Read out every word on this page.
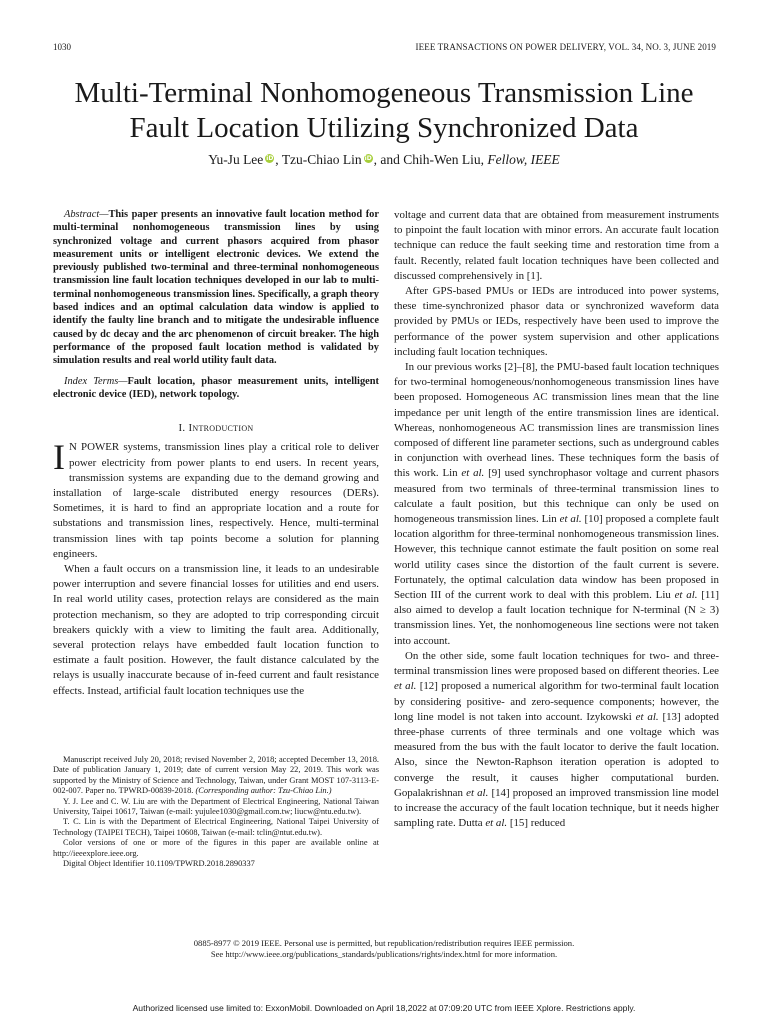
1030	IEEE TRANSACTIONS ON POWER DELIVERY, VOL. 34, NO. 3, JUNE 2019
Multi-Terminal Nonhomogeneous Transmission Line
Fault Location Utilizing Synchronized Data
Yu-Ju Lee iD , Tzu-Chiao Lin iD , and Chih-Wen Liu, Fellow, IEEE

Abstract—This paper presents an innovative fault location method for multi-terminal nonhomogeneous transmission lines by using synchronized voltage and current phasors acquired from phasor measurement units or intelligent electronic devices. We extend the previously published two-terminal and three-terminal nonhomogeneous transmission line fault location techniques developed in our lab to multi-terminal nonhomogeneous transmission lines. Specifically, a graph theory based indices and an optimal calculation data window is applied to identify the faulty line branch and to mitigate the undesirable influence caused by dc decay and the arc phenomenon of circuit breaker. The high performance of the proposed fault location method is validated by simulation results and real world utility fault data.

Index Terms—Fault location, phasor measurement units, intelligent electronic device (IED), network topology.

I. Introduction

I N POWER systems, transmission lines play a critical role to deliver power electricity from power plants to end users. In recent years, transmission systems are expanding due to the demand growing and installation of large-scale distributed energy resources (DERs). Sometimes, it is hard to find an appropriate location and a route for substations and transmission lines, respectively. Hence, multi-terminal transmission lines with tap points become a solution for planning engineers.

When a fault occurs on a transmission line, it leads to an undesirable power interruption and severe financial losses for utilities and end users. In real world utility cases, protection relays are considered as the main protection mechanism, so they are adopted to trip corresponding circuit breakers quickly with a view to limiting the fault area. Additionally, several protection relays have embedded fault location function to estimate a fault position. However, the fault distance calculated by the relays is usually inaccurate because of in-feed current and fault resistance effects. Instead, artificial fault location techniques use the

Manuscript received July 20, 2018; revised November 2, 2018; accepted December 13, 2018. Date of publication January 1, 2019; date of current version May 22, 2019. This work was supported by the Ministry of Science and Technology, Taiwan, under Grant MOST 107-3113-E-002-007. Paper no. TPWRD-00839-2018. (Corresponding author: Tzu-Chiao Lin.)

Y. J. Lee and C. W. Liu are with the Department of Electrical Engineering, National Taiwan University, Taipei 10617, Taiwan (e-mail: yujulee1030@gmail.com.tw; liucw@ntu.edu.tw).

T. C. Lin is with the Department of Electrical Engineering, National Taipei University of Technology (TAIPEI TECH), Taipei 10608, Taiwan (e-mail: tclin@ntut.edu.tw).

Color versions of one or more of the figures in this paper are available online at http://ieeexplore.ieee.org.

Digital Object Identifier 10.1109/TPWRD.2018.2890337

voltage and current data that are obtained from measurement instruments to pinpoint the fault location with minor errors. An accurate fault location technique can reduce the fault seeking time and restoration time from a fault. Recently, related fault location techniques have been collected and discussed comprehensively in [1].

After GPS-based PMUs or IEDs are introduced into power systems, these time-synchronized phasor data or synchronized waveform data provided by PMUs or IEDs, respectively have been used to improve the performance of the power system supervision and other applications including fault location techniques.

In our previous works [2]–[8], the PMU-based fault location techniques for two-terminal homogeneous/nonhomogeneous transmission lines have been proposed. Homogeneous AC transmission lines mean that the line impedance per unit length of the entire transmission lines are identical. Whereas, nonhomogeneous AC transmission lines are transmission lines composed of different line parameter sections, such as underground cables in conjunction with overhead lines. These techniques form the basis of this work. Lin et al. [9] used synchrophasor voltage and current phasors measured from two terminals of three-terminal transmission lines to calculate a fault position, but this technique can only be used on homogeneous transmission lines. Lin et al. [10] proposed a complete fault location algorithm for three-terminal nonhomogeneous transmission lines. However, this technique cannot estimate the fault position on some real world utility cases since the distortion of the fault current is severe. Fortunately, the optimal calculation data window has been proposed in Section III of the current work to deal with this problem. Liu et al. [11] also aimed to develop a fault location technique for N-terminal (N ≥ 3) transmission lines. Yet, the nonhomogeneous line sections were not taken into account.

On the other side, some fault location techniques for two- and three-terminal transmission lines were proposed based on different theories. Lee et al. [12] proposed a numerical algorithm for two-terminal fault location by considering positive- and zero-sequence components; however, the long line model is not taken into account. Izykowski et al. [13] adopted three-phase currents of three terminals and one voltage which was measured from the bus with the fault locator to derive the fault location. Also, since the Newton-Raphson iteration operation is adopted to converge the result, it causes higher computational burden. Gopalakrishnan et al. [14] proposed an improved transmission line model to increase the accuracy of the fault location technique, but it needs higher sampling rate. Dutta et al. [15] reduced

0885-8977 © 2019 IEEE. Personal use is permitted, but republication/redistribution requires IEEE permission.
See http://www.ieee.org/publications_standards/publications/rights/index.html for more information.
Authorized licensed use limited to: ExxonMobil. Downloaded on April 18,2022 at 07:09:20 UTC from IEEE Xplore. Restrictions apply.
